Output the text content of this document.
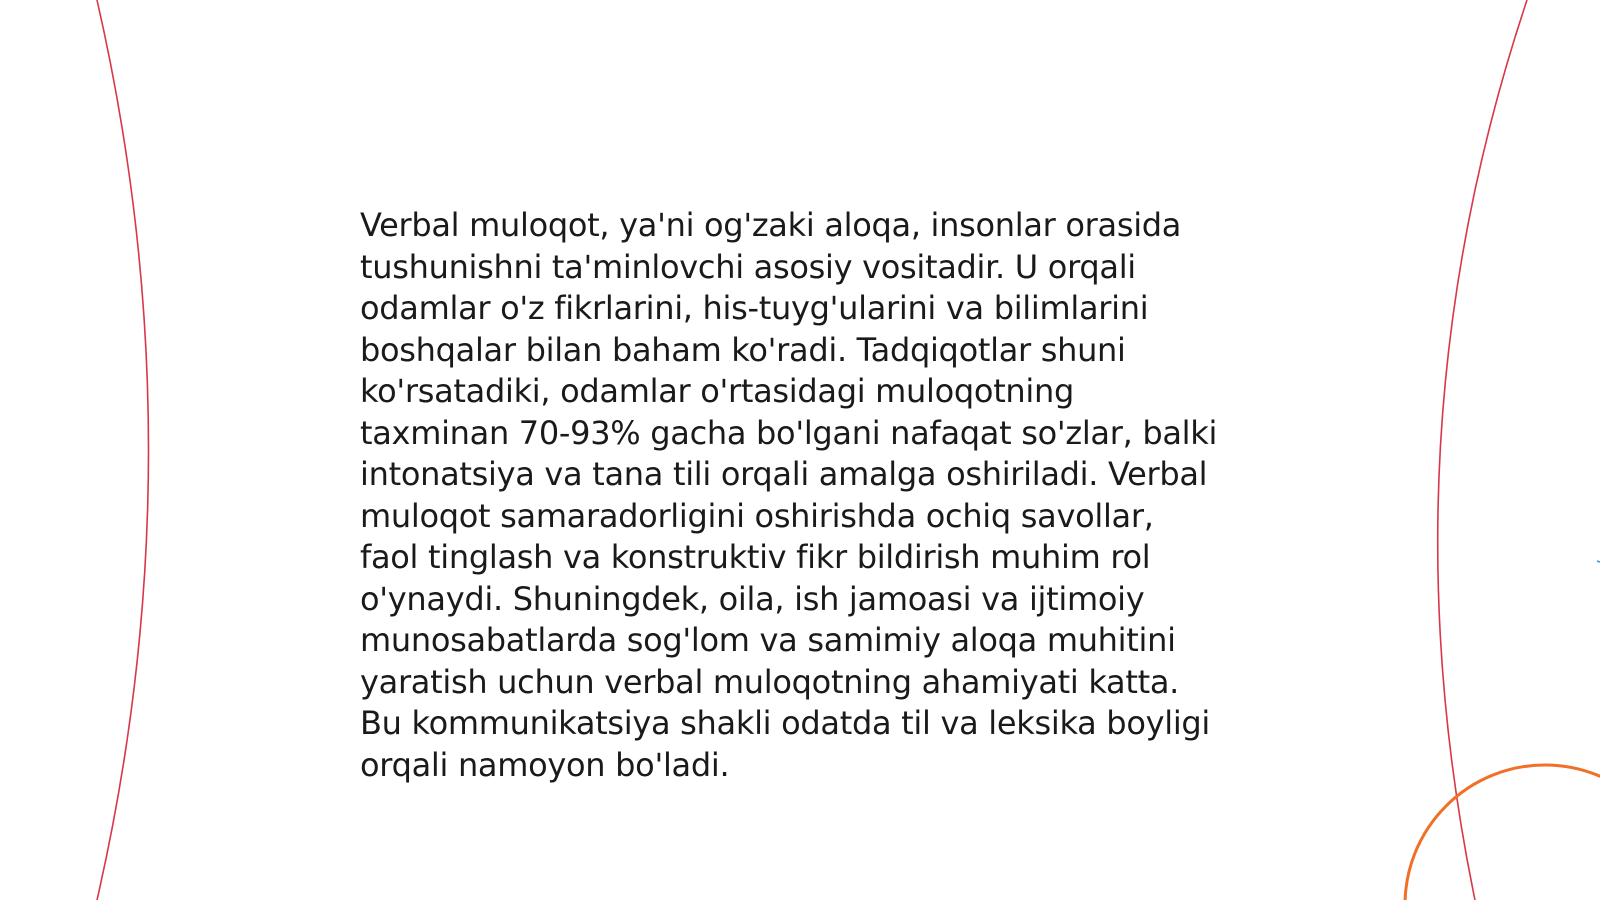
Verbal muloqot, ya'ni og'zaki aloqa, insonlar orasida
tushunishni ta'minlovchi asosiy vositadir. U orqali
odamlar o'z fikrlarini, his-tuyg'ularini va bilimlarini
boshqalar bilan baham ko'radi. Tadqiqotlar shuni
ko'rsatadiki, odamlar o'rtasidagi muloqotning
taxminan 70-93% gacha bo'lgani nafaqat so'zlar, balki
intonatsiya va tana tili orqali amalga oshiriladi. Verbal
muloqot samaradorligini oshirishda ochiq savollar,
faol tinglash va konstruktiv fikr bildirish muhim rol
o'ynaydi. Shuningdek, oila, ish jamoasi va ijtimoiy
munosabatlarda sog'lom va samimiy aloqa muhitini
yaratish uchun verbal muloqotning ahamiyati katta.
Bu kommunikatsiya shakli odatda til va leksika boyligi
orqali namoyon bo'ladi.
